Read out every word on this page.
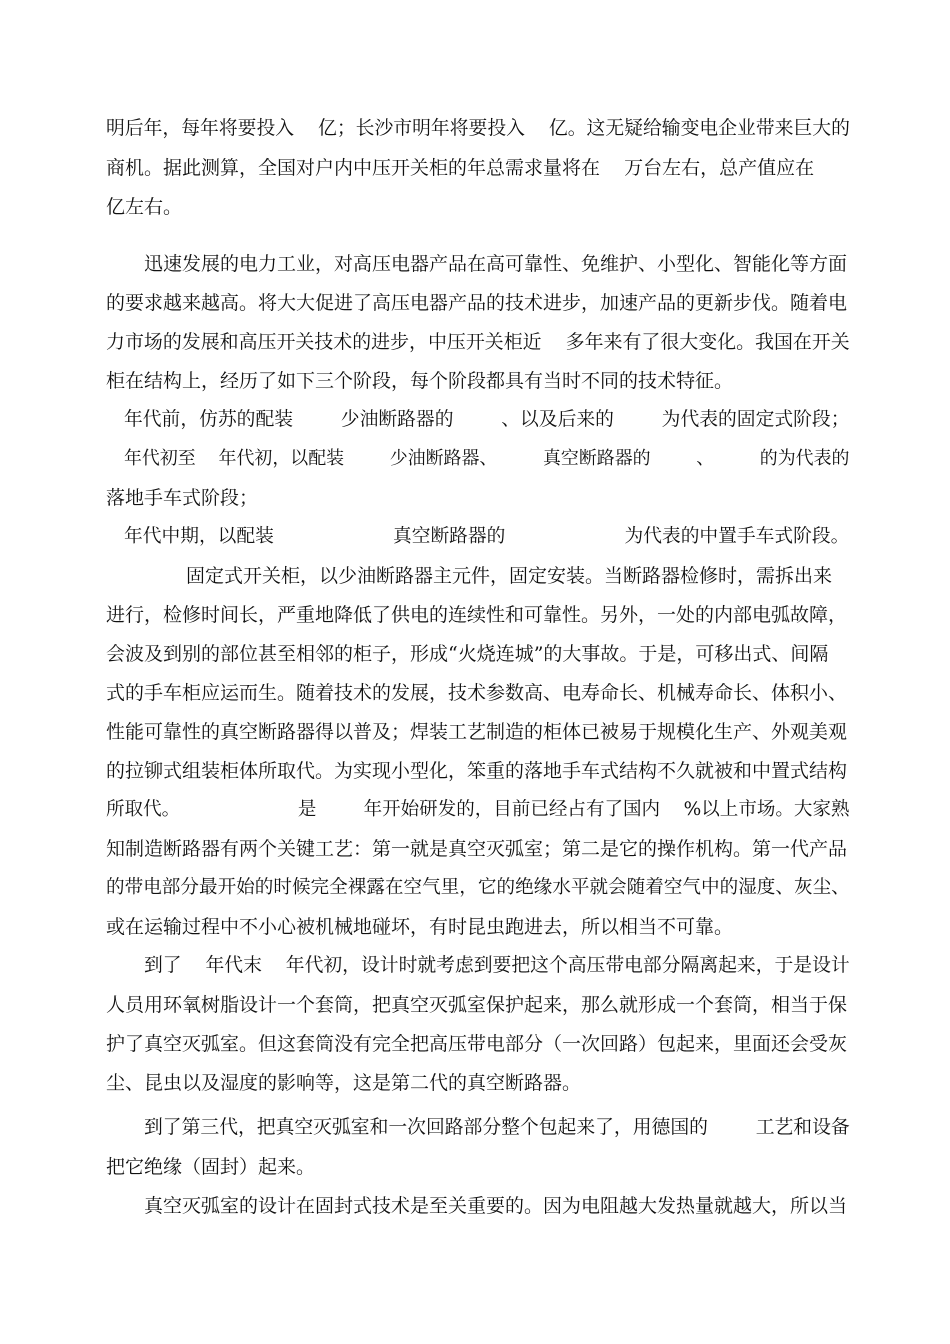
明后年，每年将要投入    亿；长沙市明年将要投入    亿。这无疑给输变电企业带来巨大的
商机。据此测算，全国对户内中压开关柜的年总需求量将在    万台左右，总产值应在
亿左右。
迅速发展的电力工业，对高压电器产品在高可靠性、免维护、小型化、智能化等方面
的要求越来越高。将大大促进了高压电器产品的技术进步，加速产品的更新步伐。随着电
力市场的发展和高压开关技术的进步，中压开关柜近    多年来有了很大变化。我国在开关
柜在结构上，经历了如下三个阶段，每个阶段都具有当时不同的技术特征。
年代前，仿苏的配装        少油断路器的        、以及后来的        为代表的固定式阶段；
年代初至    年代初，以配装        少油断路器、        真空断路器的        、        的为代表的
落地手车式阶段；
年代中期，以配装                    真空断路器的                    为代表的中置手车式阶段。
固定式开关柜，以少油断路器主元件，固定安装。当断路器检修时，需拆出来
进行，检修时间长，严重地降低了供电的连续性和可靠性。另外，一处的内部电弧故障，
会波及到别的部位甚至相邻的柜子，形成“火烧连城”的大事故。于是，可移出式、间隔
式的手车柜应运而生。随着技术的发展，技术参数高、电寿命长、机械寿命长、体积小、
性能可靠性的真空断路器得以普及；焊装工艺制造的柜体已被易于规模化生产、外观美观
的拉铆式组装柜体所取代。为实现小型化，笨重的落地手车式结构不久就被和中置式结构
所取代。                    是        年开始研发的，目前已经占有了国内    %以上市场。大家熟
知制造断路器有两个关键工艺：第一就是真空灭弧室；第二是它的操作机构。第一代产品
的带电部分最开始的时候完全裸露在空气里，它的绝缘水平就会随着空气中的湿度、灰尘、
或在运输过程中不小心被机械地碰坏，有时昆虫跑进去，所以相当不可靠。
到了    年代末    年代初，设计时就考虑到要把这个高压带电部分隔离起来，于是设计
人员用环氧树脂设计一个套筒，把真空灭弧室保护起来，那么就形成一个套筒，相当于保
护了真空灭弧室。但这套筒没有完全把高压带电部分（一次回路）包起来，里面还会受灰
尘、昆虫以及湿度的影响等，这是第二代的真空断路器。
到了第三代，把真空灭弧室和一次回路部分整个包起来了，用德国的        工艺和设备
把它绝缘（固封）起来。
真空灭弧室的设计在固封式技术是至关重要的。因为电阻越大发热量就越大，所以当
